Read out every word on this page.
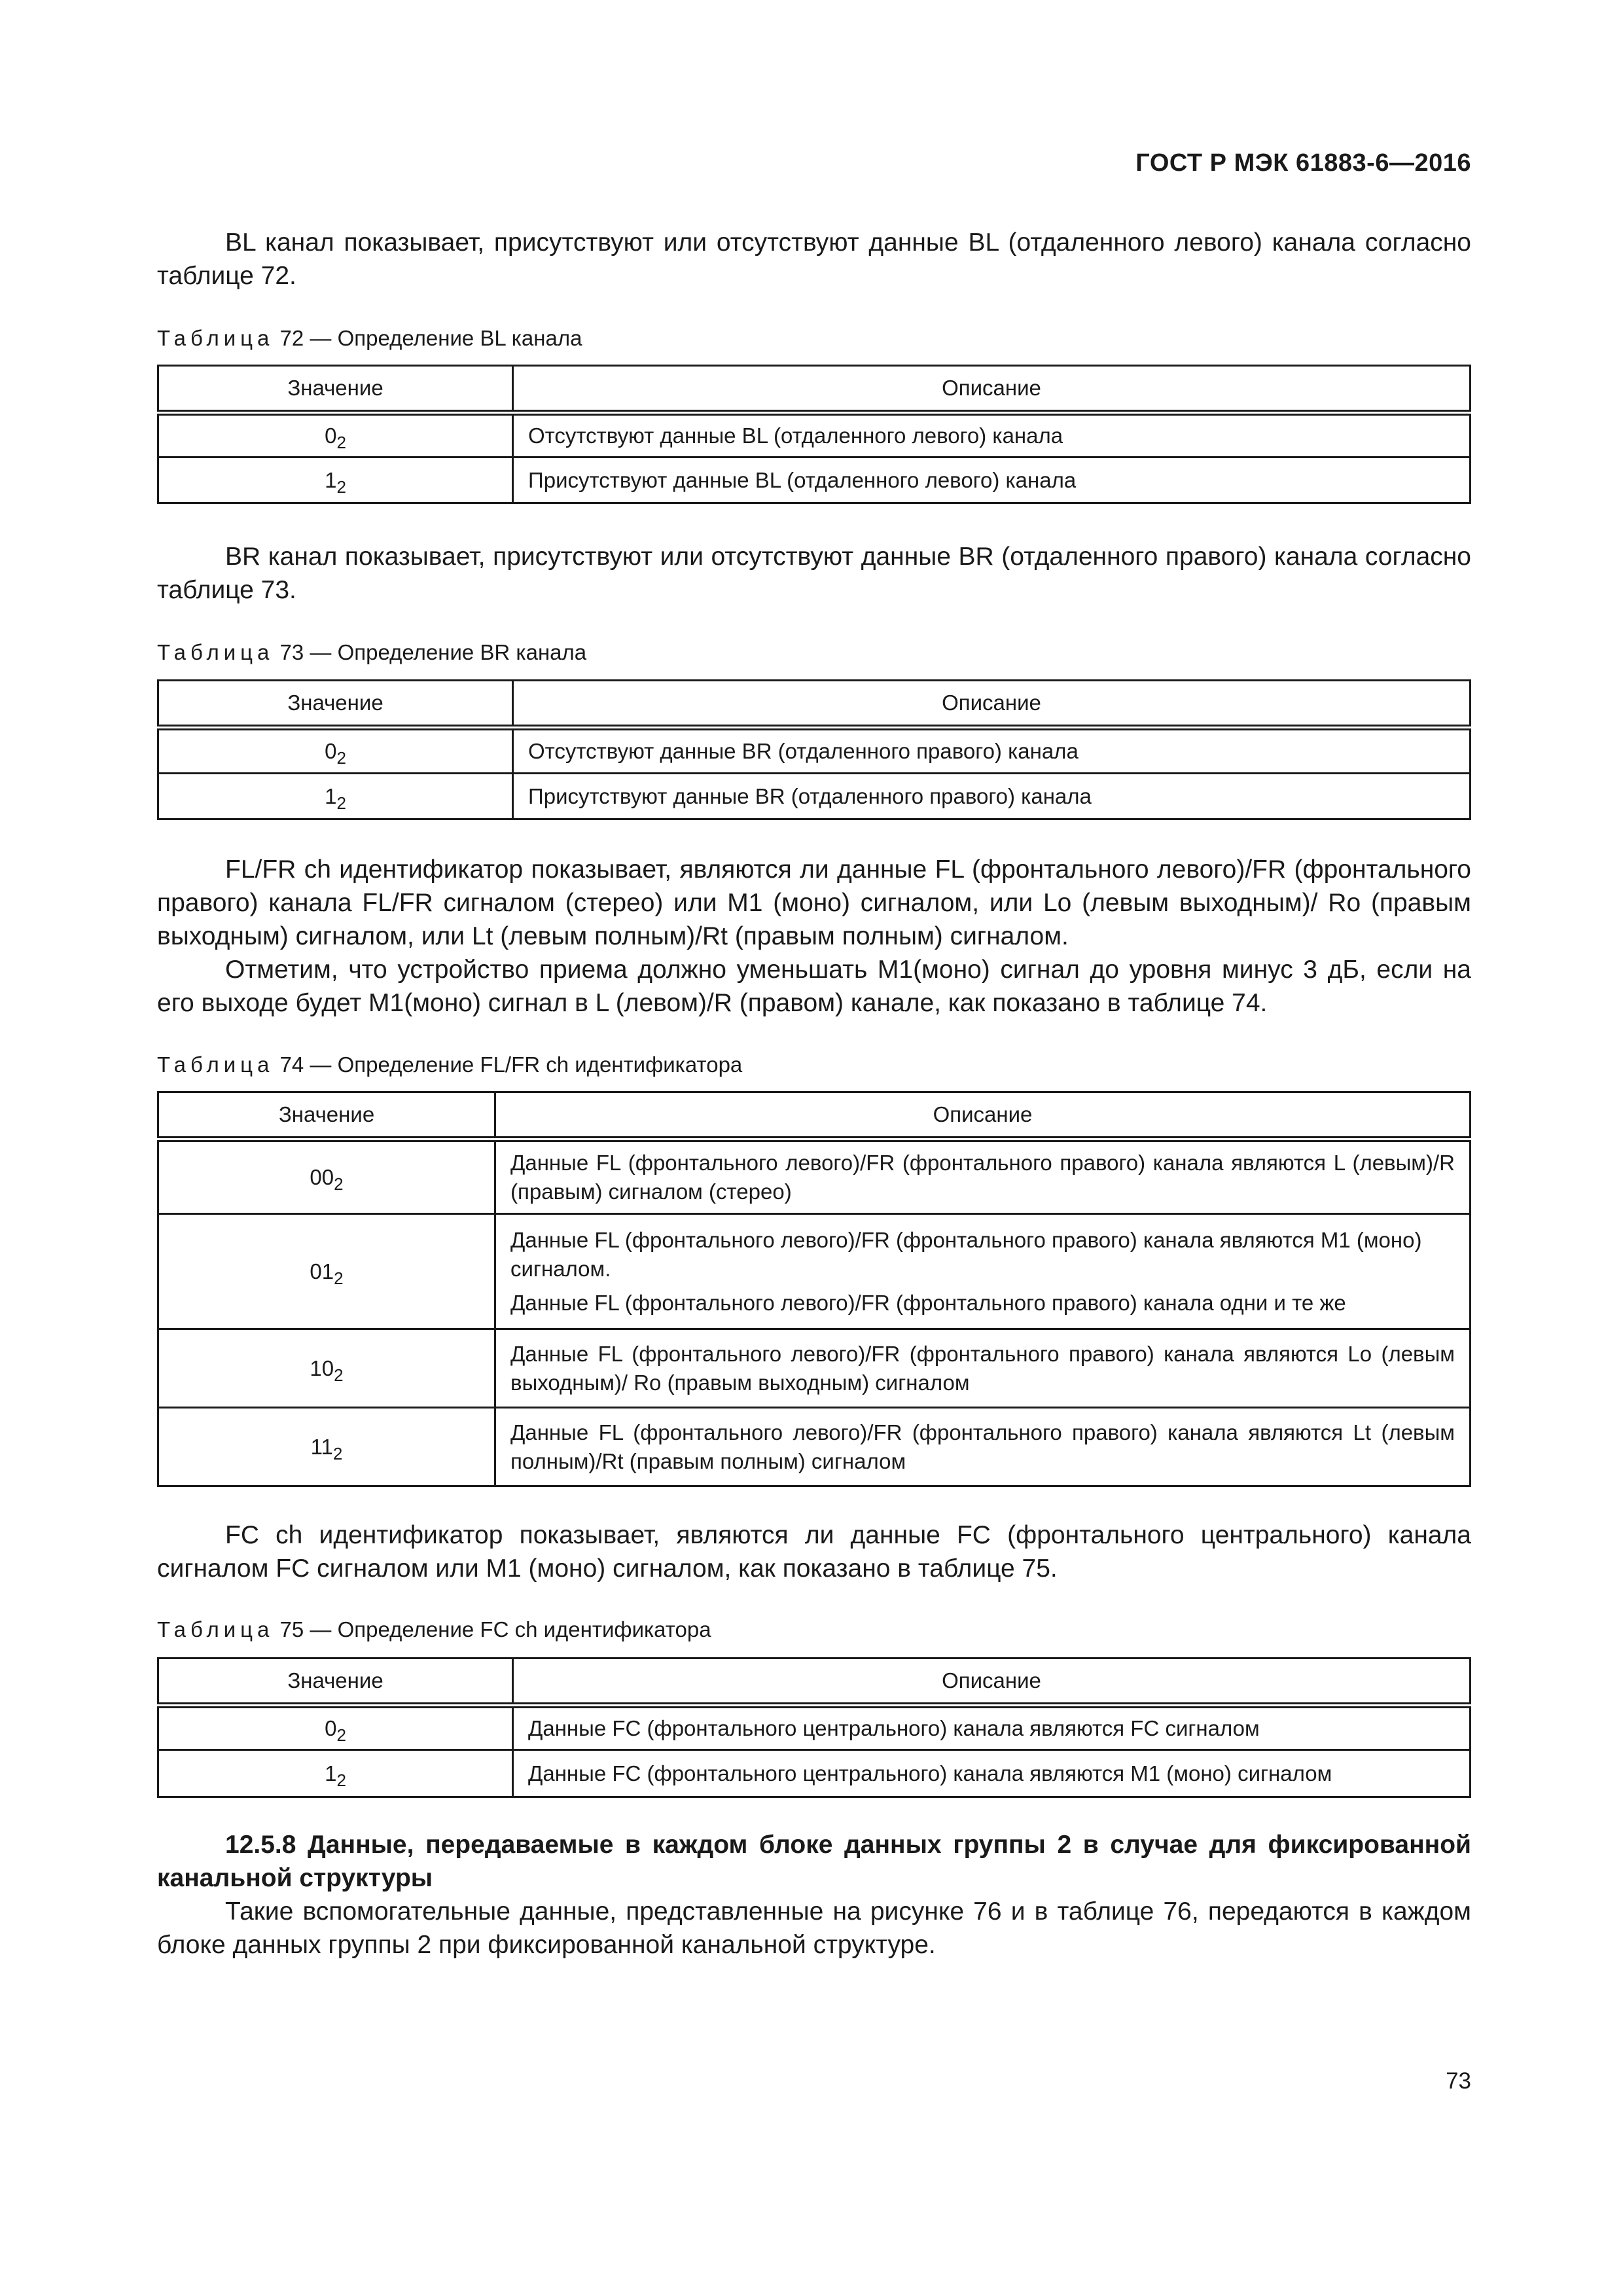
ГОСТ Р МЭК 61883-6—2016

BL канал показывает, присутствуют или отсутствуют данные BL (отдаленного левого) канала согласно таблице 72.

Таблица 72 — Определение BL канала
Значение	Описание
$0_2$	Отсутствуют данные BL (отдаленного левого) канала
$1_2$	Присутствуют данные BL (отдаленного левого) канала

BR канал показывает, присутствуют или отсутствуют данные BR (отдаленного правого) канала согласно таблице 73.

Таблица 73 — Определение BR канала
Значение	Описание
$0_2$	Отсутствуют данные BR (отдаленного правого) канала
$1_2$	Присутствуют данные BR (отдаленного правого) канала

FL/FR ch идентификатор показывает, являются ли данные FL (фронтального левого)/FR (фронтального правого) канала FL/FR сигналом (стерео) или M1 (моно) сигналом, или Lo (левым выходным)/ Ro (правым выходным) сигналом, или Lt (левым полным)/Rt (правым полным) сигналом.

Отметим, что устройство приема должно уменьшать M1(моно) сигнал до уровня минус 3 дБ, если на его выходе будет M1(моно) сигнал в L (левом)/R (правом) канале, как показано в таблице 74.

Таблица 74 — Определение FL/FR ch идентификатора
Значение	Описание
$00_2$	Данные FL (фронтального левого)/FR (фронтального правого) канала являются L (левым)/R (правым) сигналом (стерео)
$01_2$	Данные FL (фронтального левого)/FR (фронтального правого) канала являются M1 (моно) сигналом.
Данные FL (фронтального левого)/FR (фронтального правого) канала одни и те же

$10_2$	Данные FL (фронтального левого)/FR (фронтального правого) канала являются Lo (левым выходным)/ Ro (правым выходным) сигналом
$11_2$	Данные FL (фронтального левого)/FR (фронтального правого) канала являются Lt (левым полным)/Rt (правым полным) сигналом

FC ch идентификатор показывает, являются ли данные FC (фронтального центрального) канала сигналом FC сигналом или M1 (моно) сигналом, как показано в таблице 75.

Таблица 75 — Определение FC ch идентификатора
Значение	Описание
$0_2$	Данные FC (фронтального центрального) канала являются FC сигналом
$1_2$	Данные FC (фронтального центрального) канала являются M1 (моно) сигналом

12.5.8 Данные, передаваемые в каждом блоке данных группы 2 в случае для фиксированной канальной структуры

Такие вспомогательные данные, представленные на рисунке 76 и в таблице 76, передаются в каждом блоке данных группы 2 при фиксированной канальной структуре.

73
